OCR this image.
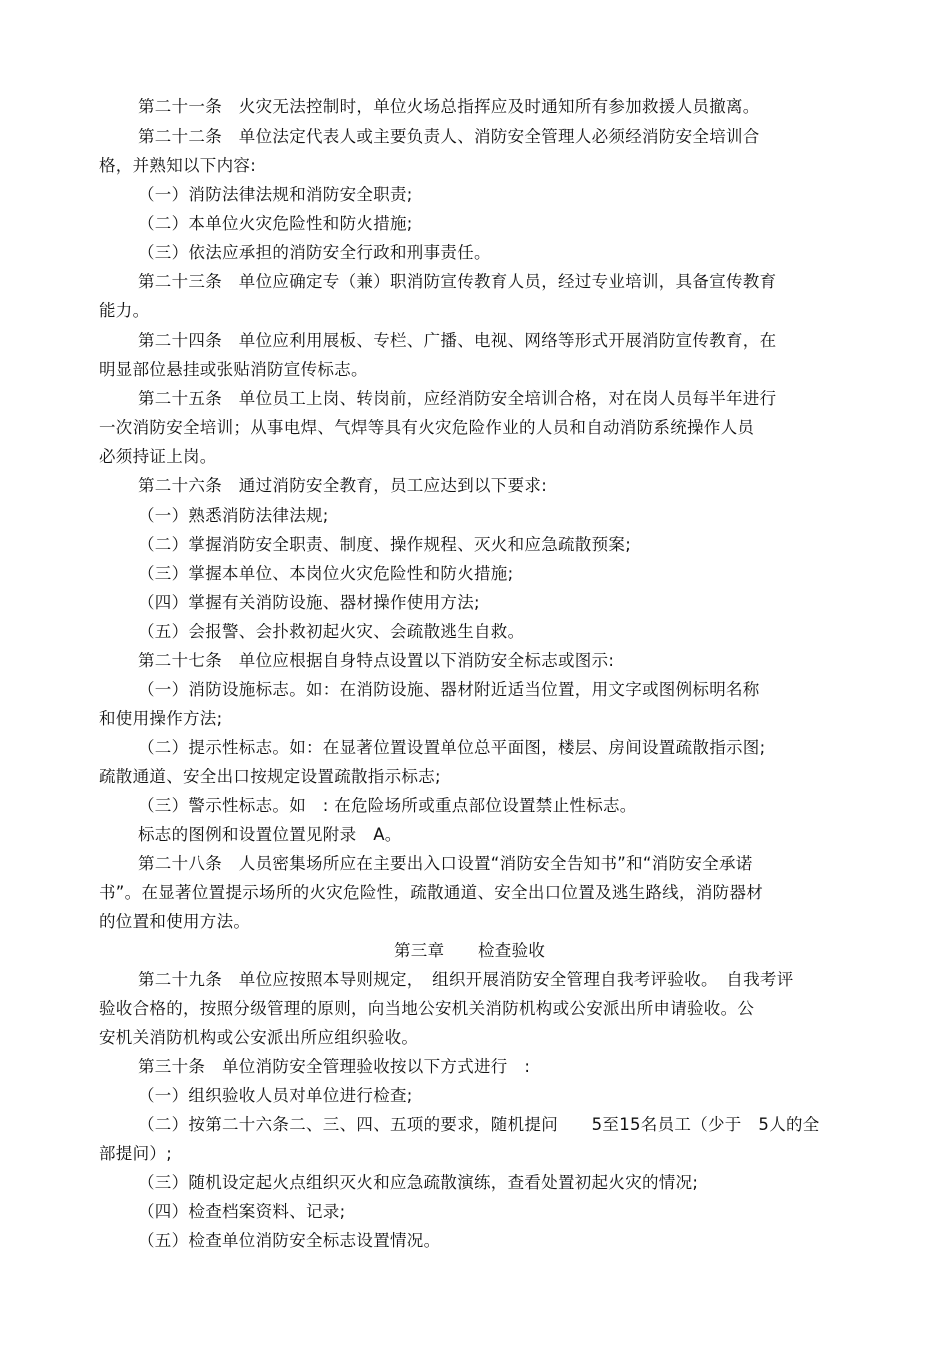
第二十一条　火灾无法控制时，单位火场总指挥应及时通知所有参加救援人员撤离。
第二十二条　单位法定代表人或主要负责人、消防安全管理人必须经消防安全培训合
格，并熟知以下内容:
（一）消防法律法规和消防安全职责;
（二）本单位火灾危险性和防火措施;
（三）依法应承担的消防安全行政和刑事责任。
第二十三条　单位应确定专（兼）职消防宣传教育人员，经过专业培训，具备宣传教育
能力。
第二十四条　单位应利用展板、专栏、广播、电视、网络等形式开展消防宣传教育，在
明显部位悬挂或张贴消防宣传标志。
第二十五条　单位员工上岗、转岗前，应经消防安全培训合格，对在岗人员每半年进行
一次消防安全培训；从事电焊、气焊等具有火灾危险作业的人员和自动消防系统操作人员
必须持证上岗。
第二十六条　通过消防安全教育，员工应达到以下要求:
（一）熟悉消防法律法规;
（二）掌握消防安全职责、制度、操作规程、灭火和应急疏散预案;
（三）掌握本单位、本岗位火灾危险性和防火措施;
（四）掌握有关消防设施、器材操作使用方法;
（五）会报警、会扑救初起火灾、会疏散逃生自救。
第二十七条　单位应根据自身特点设置以下消防安全标志或图示:
（一）消防设施标志。如：在消防设施、器材附近适当位置，用文字或图例标明名称
和使用操作方法;
（二）提示性标志。如：在显著位置设置单位总平面图，楼层、房间设置疏散指示图;
疏散通道、安全出口按规定设置疏散指示标志;
（三）警示性标志。如　: 在危险场所或重点部位设置禁止性标志。
标志的图例和设置位置见附录　A。
第二十八条　人员密集场所应在主要出入口设置“消防安全告知书”和“消防安全承诺
书”。在显著位置提示场所的火灾危险性，疏散通道、安全出口位置及逃生路线，消防器材
的位置和使用方法。
第三章　　检查验收
第二十九条　单位应按照本导则规定，　组织开展消防安全管理自我考评验收。　自我考评
验收合格的，按照分级管理的原则，向当地公安机关消防机构或公安派出所申请验收。公
安机关消防机构或公安派出所应组织验收。
第三十条　单位消防安全管理验收按以下方式进行　:
（一）组织验收人员对单位进行检查;
（二）按第二十六条二、三、四、五项的要求，随机提问　　5至15名员工（少于　5人的全
部提问）;
（三）随机设定起火点组织灭火和应急疏散演练，查看处置初起火灾的情况;
（四）检查档案资料、记录;
（五）检查单位消防安全标志设置情况。
